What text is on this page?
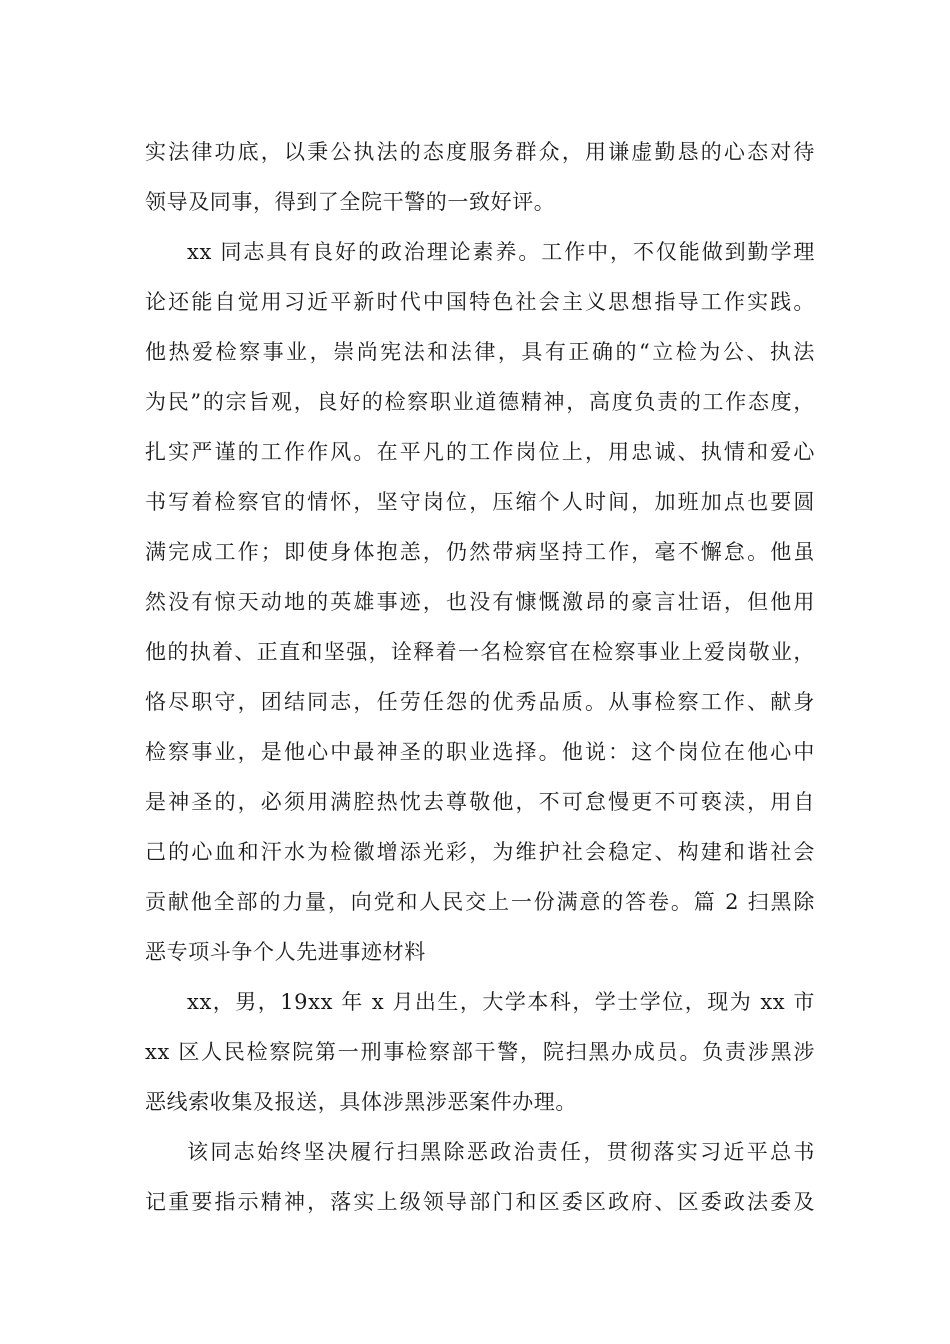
实法律功底，以秉公执法的态度服务群众，用谦虚勤恳的心态对待
领导及同事，得到了全院干警的一致好评。
xx 同志具有良好的政治理论素养。工作中，不仅能做到勤学理
论还能自觉用习近平新时代中国特色社会主义思想指导工作实践。
他热爱检察事业，崇尚宪法和法律，具有正确的“立检为公、执法
为民”的宗旨观，良好的检察职业道德精神，高度负责的工作态度，
扎实严谨的工作作风。在平凡的工作岗位上，用忠诚、执情和爱心
书写着检察官的情怀，坚守岗位，压缩个人时间，加班加点也要圆
满完成工作；即使身体抱恙，仍然带病坚持工作，毫不懈怠。他虽
然没有惊天动地的英雄事迹，也没有慷慨激昂的豪言壮语，但他用
他的执着、正直和坚强，诠释着一名检察官在检察事业上爱岗敬业，
恪尽职守，团结同志，任劳任怨的优秀品质。从事检察工作、献身
检察事业，是他心中最神圣的职业选择。他说：这个岗位在他心中
是神圣的，必须用满腔热忱去尊敬他，不可怠慢更不可亵渎，用自
己的心血和汗水为检徽增添光彩，为维护社会稳定、构建和谐社会
贡献他全部的力量，向党和人民交上一份满意的答卷。篇 2 扫黑除
恶专项斗争个人先进事迹材料
xx，男，19xx 年 x 月出生，大学本科，学士学位，现为 xx 市
xx 区人民检察院第一刑事检察部干警，院扫黑办成员。负责涉黑涉
恶线索收集及报送，具体涉黑涉恶案件办理。
该同志始终坚决履行扫黑除恶政治责任，贯彻落实习近平总书
记重要指示精神，落实上级领导部门和区委区政府、区委政法委及
